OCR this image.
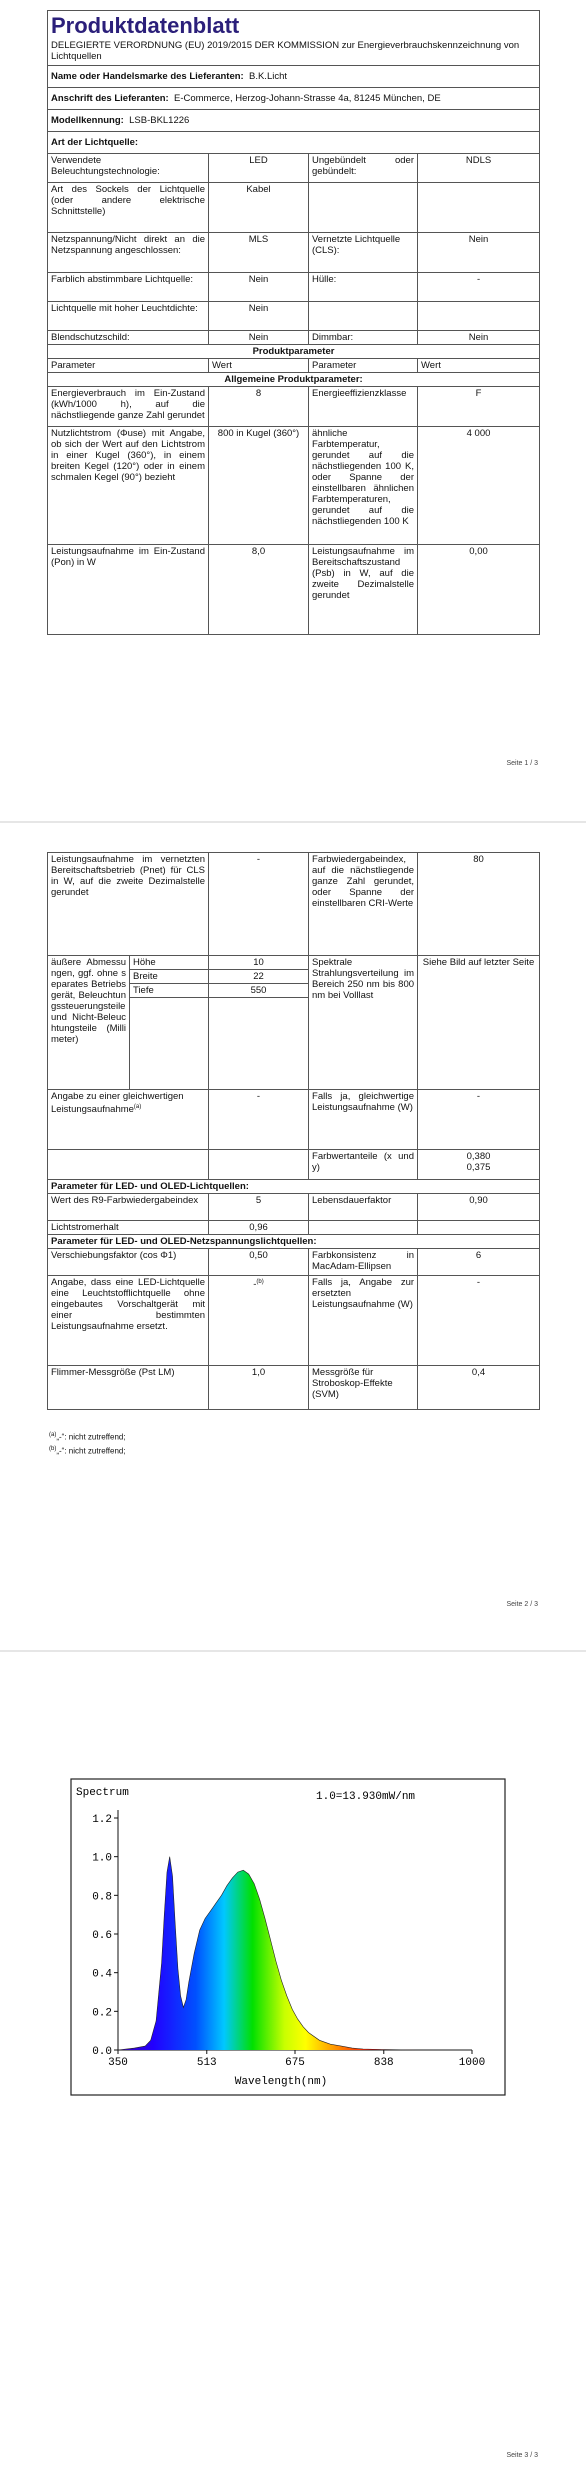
Produktdatenblatt			
DELEGIERTE VERORDNUNG (EU) 2019/2015 DER KOMMISSION zur Energieverbrauchskennzeichnung von Lichtquellen			
Name oder Handelsmarke des Lieferanten: B.K.Licht			
Anschrift des Lieferanten: E-Commerce, Herzog-Johann-Strasse 4a, 81245 München, DE			
Modellkennung: LSB-BKL1226			
Art der Lichtquelle:			
Verwendete Beleuchtungstechnologie:	LED	Ungebündelt oder gebündelt:	NDLS
Art des Sockels der Lichtquelle (oder andere elektrische Schnittstelle)	Kabel		
Netzspannung/Nicht direkt an die Netzspannung angeschlossen:	MLS	Vernetzte Lichtquelle (CLS):	Nein
Farblich abstimmbare Lichtquelle:	Nein	Hülle:	-
Lichtquelle mit hoher Leuchtdichte:	Nein		
Blendschutzschild:	Nein	Dimmbar:	Nein
Produktparameter			
Parameter	Wert	Parameter	Wert
Allgemeine Produktparameter:			
Energieverbrauch im Ein-Zustand (kWh/1000 h), auf die nächstliegende ganze Zahl gerundet	8	Energieeffizienzklasse	F
Nutzlichtstrom (Φuse) mit Angabe, ob sich der Wert auf den Lichtstrom in einer Kugel (360°), in einem breiten Kegel (120°) oder in einem schmalen Kegel (90°) bezieht	800 in Kugel (360°)	ähnliche Farbtemperatur, gerundet auf die nächstliegenden 100 K, oder Spanne der einstellbaren ähnlichen Farbtemperaturen, gerundet auf die nächstliegenden 100 K	4 000
Leistungsaufnahme im Ein-Zustand (Pon) in W	8,0	Leistungsaufnahme im Bereitschaftszustand (Psb) in W, auf die zweite Dezimalstelle gerundet	0,00
Seite 1 / 3
Leistungsaufnahme im vernetzten Bereitschaftsbetrieb (Pnet) für CLS in W, auf die zweite Dezimalstelle gerundet		-	Farbwiedergabeindex, auf die nächstliegende ganze Zahl gerundet, oder Spanne der einstellbaren CRI-Werte	80
äußere Abmessungen, ggf. ohne separates Betriebsgerät, Beleuchtungssteuerungsteile und Nicht-Beleuchtungsteile (Millimeter)	Höhe	10	Spektrale Strahlungsverteilung im Bereich 250 nm bis 800 nm bei Volllast	Siehe Bild auf letzter Seite
	Breite	22		
	Tiefe	550		

Angabe zu einer gleichwertigen Leistungsaufnahme$^{(a)}$		-	Falls ja, gleichwertige Leistungsaufnahme (W)	-
			Farbwertanteile (x und y)	0,380
0,375

Parameter für LED- und OLED-Lichtquellen:				
Wert des R9-Farbwiedergabeindex		5	Lebensdauerfaktor	0,90
Lichtstromerhalt		0,96		
Parameter für LED- und OLED-Netzspannungslichtquellen:				
Verschiebungsfaktor (cos Φ1)		0,50	Farbkonsistenz in MacAdam-Ellipsen	6
Angabe, dass eine LED-Lichtquelle eine Leuchtstofflichtquelle ohne eingebautes Vorschaltgerät mit einer bestimmten Leistungsaufnahme ersetzt.		-$^{(b)}$	Falls ja, Angabe zur ersetzten Leistungsaufnahme (W)	-
Flimmer-Messgröße (Pst LM)		1,0	Messgröße für Stroboskop-Effekte (SVM)	0,4
$^{(a)}$„-“: nicht zutreffend;
$^{(b)}$„-“: nicht zutreffend;
Seite 2 / 3
Spectrum	1.0=13.930mW/nm
Wavelength(nm)
0.0
0.2
0.4
0.6
0.8
1.0
1.2
350	513	675	838	1000
Seite 3 / 3
